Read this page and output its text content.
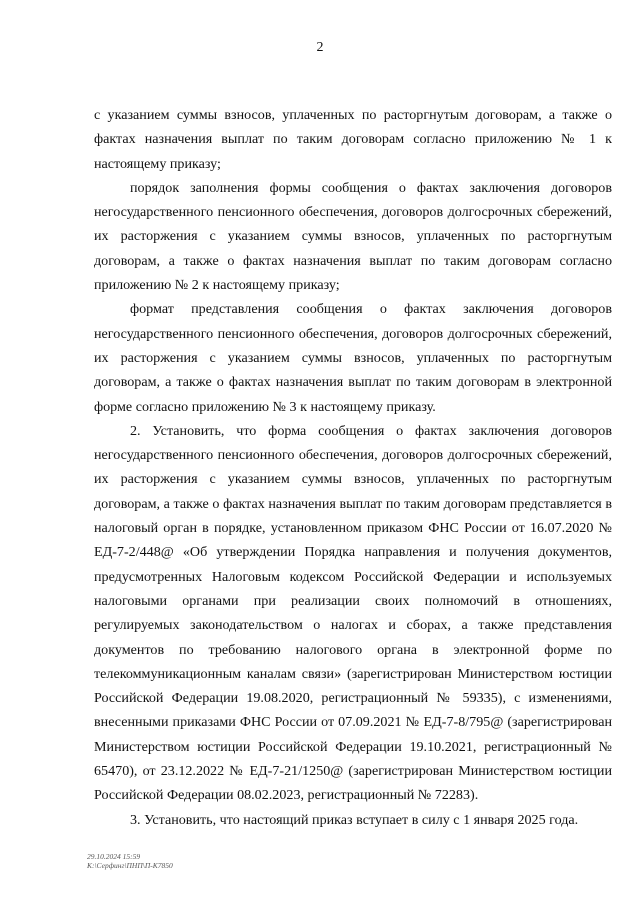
2

с указанием суммы взносов, уплаченных по расторгнутым договорам, а также о фактах назначения выплат по таким договорам согласно приложению № 1 к настоящему приказу;

порядок заполнения формы сообщения о фактах заключения договоров негосударственного пенсионного обеспечения, договоров долгосрочных сбережений, их расторжения с указанием суммы взносов, уплаченных по расторгнутым договорам, а также о фактах назначения выплат по таким договорам согласно приложению № 2 к настоящему приказу;

формат представления сообщения о фактах заключения договоров негосударственного пенсионного обеспечения, договоров долгосрочных сбережений, их расторжения с указанием суммы взносов, уплаченных по расторгнутым договорам, а также о фактах назначения выплат по таким договорам в электронной форме согласно приложению № 3 к настоящему приказу.

2. Установить, что форма сообщения о фактах заключения договоров негосударственного пенсионного обеспечения, договоров долгосрочных сбережений, их расторжения с указанием суммы взносов, уплаченных по расторгнутым договорам, а также о фактах назначения выплат по таким договорам представляется в налоговый орган в порядке, установленном приказом ФНС России от 16.07.2020 № ЕД-7-2/448@ «Об утверждении Порядка направления и получения документов, предусмотренных Налоговым кодексом Российской Федерации и используемых налоговыми органами при реализации своих полномочий в отношениях, регулируемых законодательством о налогах и сборах, а также представления документов по требованию налогового органа в электронной форме по телекоммуникационным каналам связи» (зарегистрирован Министерством юстиции Российской Федерации 19.08.2020, регистрационный № 59335), с изменениями, внесенными приказами ФНС России от 07.09.2021 № ЕД-7-8/795@ (зарегистрирован Министерством юстиции Российской Федерации 19.10.2021, регистрационный № 65470), от 23.12.2022 № ЕД-7-21/1250@ (зарегистрирован Министерством юстиции Российской Федерации 08.02.2023, регистрационный № 72283).

3. Установить, что настоящий приказ вступает в силу с 1 января 2025 года.

29.10.2024 15:59
К:\Серфинг\ПНП\П-К7850
